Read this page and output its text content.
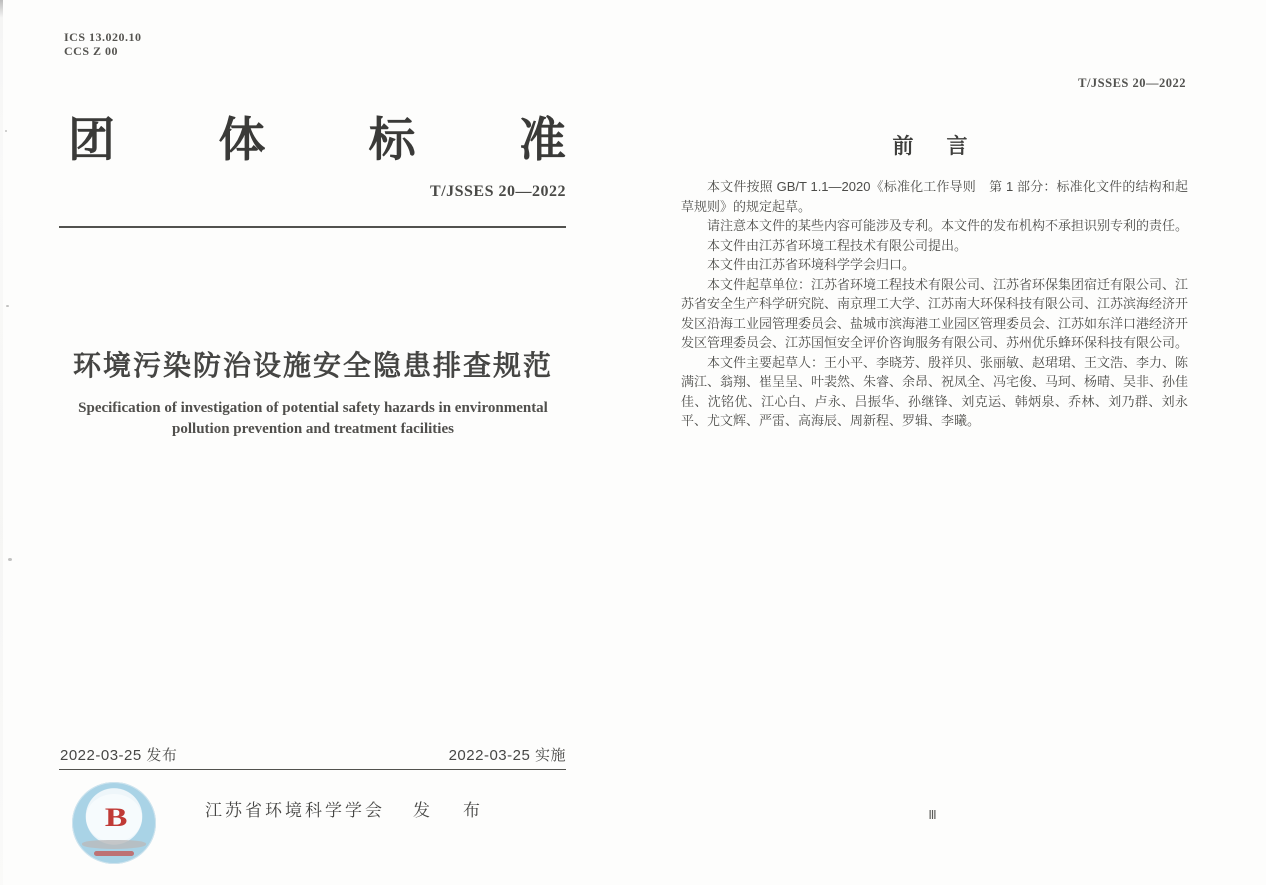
ICS 13.020.10
CCS Z 00
团体标准
T/JSSES 20—2022
环境污染防治设施安全隐患排查规范
Specification of investigation of potential safety hazards in environmental
pollution prevention and treatment facilities
2022-03-25 发布	2022-03-25 实施
B	江苏省环境科学学会 发　布
T/JSSES 20—2022
前　言

本文件按照 GB/T 1.1—2020《标准化工作导则　第 1 部分：标准化文件的结构和起草规则》的规定起草。

请注意本文件的某些内容可能涉及专利。本文件的发布机构不承担识别专利的责任。

本文件由江苏省环境工程技术有限公司提出。

本文件由江苏省环境科学学会归口。

本文件起草单位：江苏省环境工程技术有限公司、江苏省环保集团宿迁有限公司、江苏省安全生产科学研究院、南京理工大学、江苏南大环保科技有限公司、江苏滨海经济开发区沿海工业园管理委员会、盐城市滨海港工业园区管理委员会、江苏如东洋口港经济开发区管理委员会、江苏国恒安全评价咨询服务有限公司、苏州优乐蜂环保科技有限公司。

本文件主要起草人：王小平、李晓芳、殷祥贝、张丽敏、赵珺珺、王文浩、李力、陈满江、翁翔、崔呈呈、叶裴然、朱睿、余昂、祝凤全、冯宅俊、马珂、杨晴、吴非、孙佳佳、沈铭优、江心白、卢永、吕振华、孙继锋、刘克运、韩炳泉、乔林、刘乃群、刘永平、尤文辉、严雷、高海辰、周新程、罗辑、李曦。

Ⅲ
